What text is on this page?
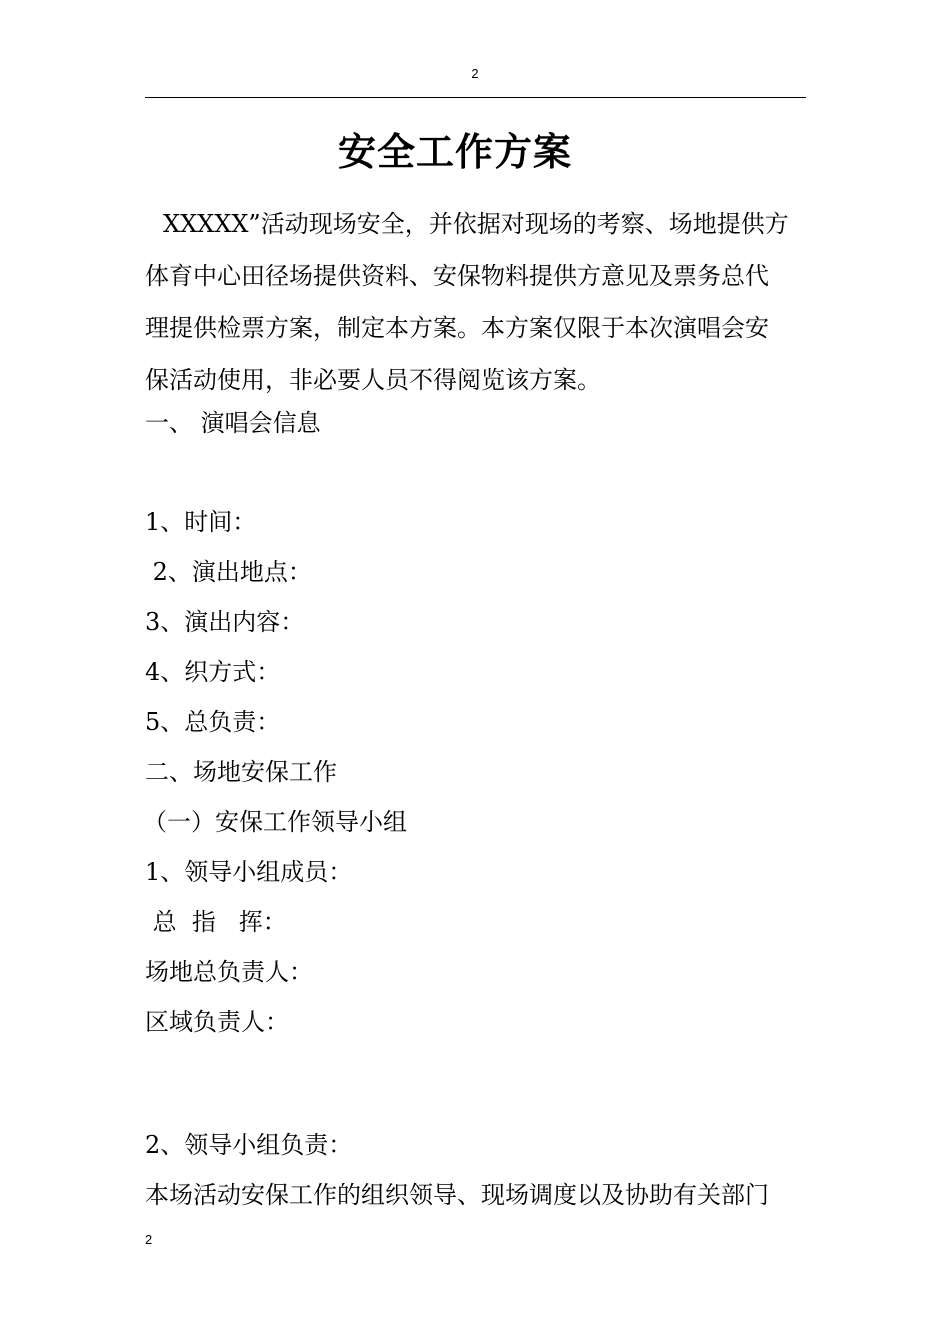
2
安全工作方案
XXXXX”活动现场安全，并依据对现场的考察、场地提供方
体育中心田径场提供资料、安保物料提供方意见及票务总代
理提供检票方案，制定本方案。本方案仅限于本次演唱会安
保活动使用，非必要人员不得阅览该方案。
一、 演唱会信息
1、时间：
2、演出地点：
3、演出内容：
4、织方式：
5、总负责：
二、场地安保工作
（一）安保工作领导小组
1、领导小组成员：
总  指   挥：
场地总负责人：
区域负责人：
2、领导小组负责：
本场活动安保工作的组织领导、现场调度以及协助有关部门
2
